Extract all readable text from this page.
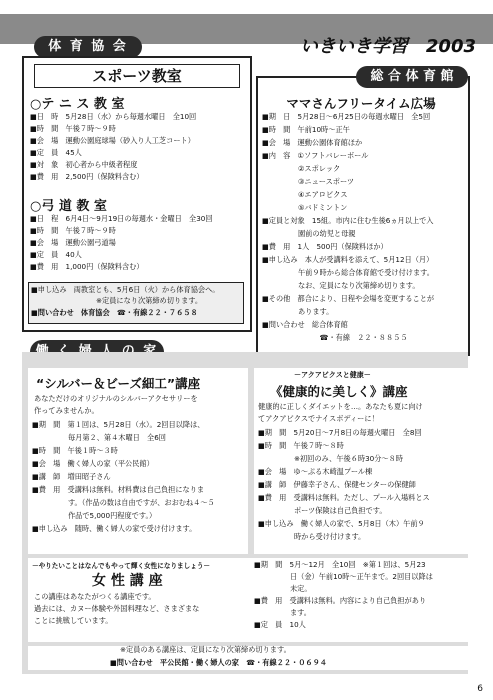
体 育 協 会	いきいき学習　2003
スポーツ教室
○テ ニ ス 教 室
■日　時　5月28日（水）から毎週水曜日　全10回
■時　間　午後７時～９時
■会　場　運動公園庭球場（砂入り人工芝コート）
■定　員　45人
■対　象　初心者から中級者程度
■費　用　2,500円（保険料含む）
○弓 道 教 室
■日　程　6月4日～9月19日の毎週水・金曜日　全30回
■時　間　午後７時～９時
■会　場　運動公園弓道場
■定　員　40人
■費　用　1,000円（保険料含む）
■申し込み　両教室とも、5月6日（火）から体育協会へ。
※定員になり次第締め切ります。
■問い合わせ　体育協会　☎・有線２２・７６５８
総 合 体 育 館
ママさんフリータイム広場
■期　日　5月28日～6月25日の毎週水曜日　全5回
■時　間　午前10時～正午
■会　場　運動公園体育館ほか
■内　容　①ソフトバレーボール
　　　　　②スポレック
　　　　　③ニュースポーツ
　　　　　④エアロビクス
　　　　　⑤バドミントン
■定員と対象　15組。市内に住む生後6ヵ月以上で入
　　　　　園前の幼児と母親
■費　用　1人　500円（保険料ほか）
■申し込み　本人が受講料を添えて、5月12日（月）
　　　　　午前９時から総合体育館で受け付けます。
　　　　　なお、定員になり次第締め切ります。
■その他　都合により、日程や会場を変更することが
　　　　　あります。
■問い合わせ　総合体育館
　　　　　　　　☎・有線　２２・８８５５
“シルバー＆ビーズ細工”講座
あなただけのオリジナルのシルバーアクセサリーを
作ってみませんか。
■期　間　第１回は、5月28日（水）。2回目以降は、
　　　　　毎月第２、第４木曜日　全6回
■時　間　午後１時～３時
■会　場　働く婦人の家（平公民館）
■講　師　増田昭子さん
■費　用　受講料は無料。材料費は自己負担になりま
　　　　　す。（作品の数は自由ですが、おおむね４～５
　　　　　作品で5,000円程度です。）
■申し込み　随時、働く婦人の家で受け付けます。
－アクアビクスと健康－
《健康的に美しく》講座
健康的に正しくダイエットを…。あなたも夏に向け
てアクアビクスでナイスボディーに！
■期　間　5月20日～7月8日の毎週火曜日　全8回
■時　間　午後７時～８時
　　　　　※初回のみ、午後６時30分～８時
■会　場　ゆ～ぷる木崎温プール棟
■講　師　伊藤幸子さん、保健センターの保健師
■費　用　受講料は無料。ただし、プール入場料とス
　　　　　ポーツ保険は自己負担です。
■申し込み　働く婦人の家で、5月8日（木）午前９
　　　　　時から受け付けます。
－やりたいことはなんでもやって輝く女性になりましょう－
女 性 講 座
この講座はあなたがつくる講座です。
過去には、カヌー体験や外国料理など、さまざまな
ことに挑戦しています。
■期　間　5月～12月　全10回　※第１回は、5月23
　　　　　日（金）午前10時～正午まで。2回目以降は
　　　　　未定。
■費　用　受講料は無料。内容により自己負担があり
　　　　　ます。
■定　員　10人
※定員のある講座は、定員になり次第締め切ります。
■問い合わせ　平公民館・働く婦人の家　☎・有線２２・０６９４
6
